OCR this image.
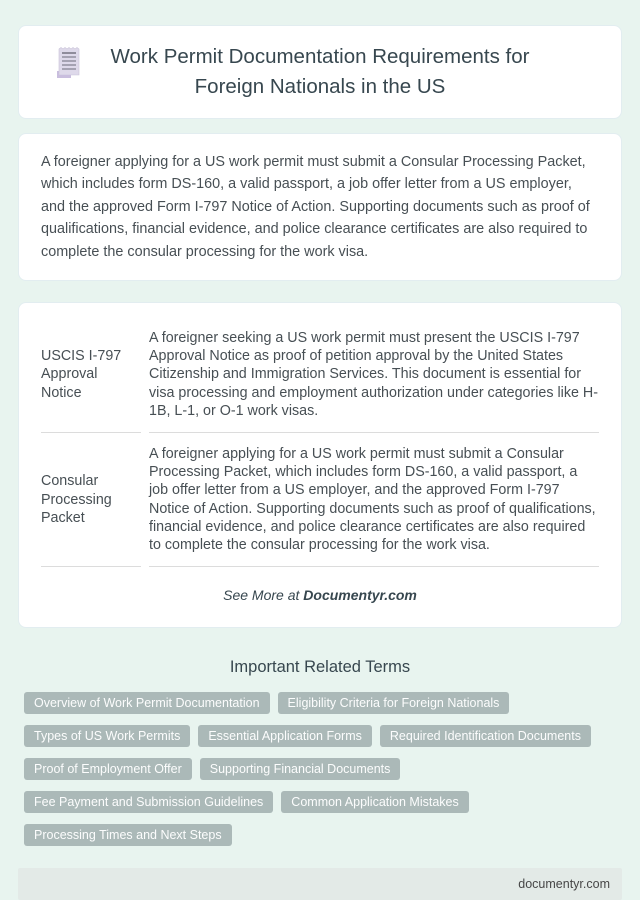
Work Permit Documentation Requirements for Foreign Nationals in the US

A foreigner applying for a US work permit must submit a Consular Processing Packet, which includes form DS-160, a valid passport, a job offer letter from a US employer, and the approved Form I-797 Notice of Action. Supporting documents such as proof of qualifications, financial evidence, and police clearance certificates are also required to complete the consular processing for the work visa.

USCIS I-797 Approval Notice	A foreigner seeking a US work permit must present the USCIS I-797 Approval Notice as proof of petition approval by the United States Citizenship and Immigration Services. This document is essential for visa processing and employment authorization under categories like H-1B, L-1, or O-1 work visas.
Consular Processing Packet	A foreigner applying for a US work permit must submit a Consular Processing Packet, which includes form DS-160, a valid passport, a job offer letter from a US employer, and the approved Form I-797 Notice of Action. Supporting documents such as proof of qualifications, financial evidence, and police clearance certificates are also required to complete the consular processing for the work visa.
See More at Documentyr.com
Important Related Terms
Overview of Work Permit Documentation	Eligibility Criteria for Foreign Nationals
Types of US Work Permits	Essential Application Forms	Required Identification Documents
Proof of Employment Offer	Supporting Financial Documents
Fee Payment and Submission Guidelines	Common Application Mistakes
Processing Times and Next Steps
documentyr.com
